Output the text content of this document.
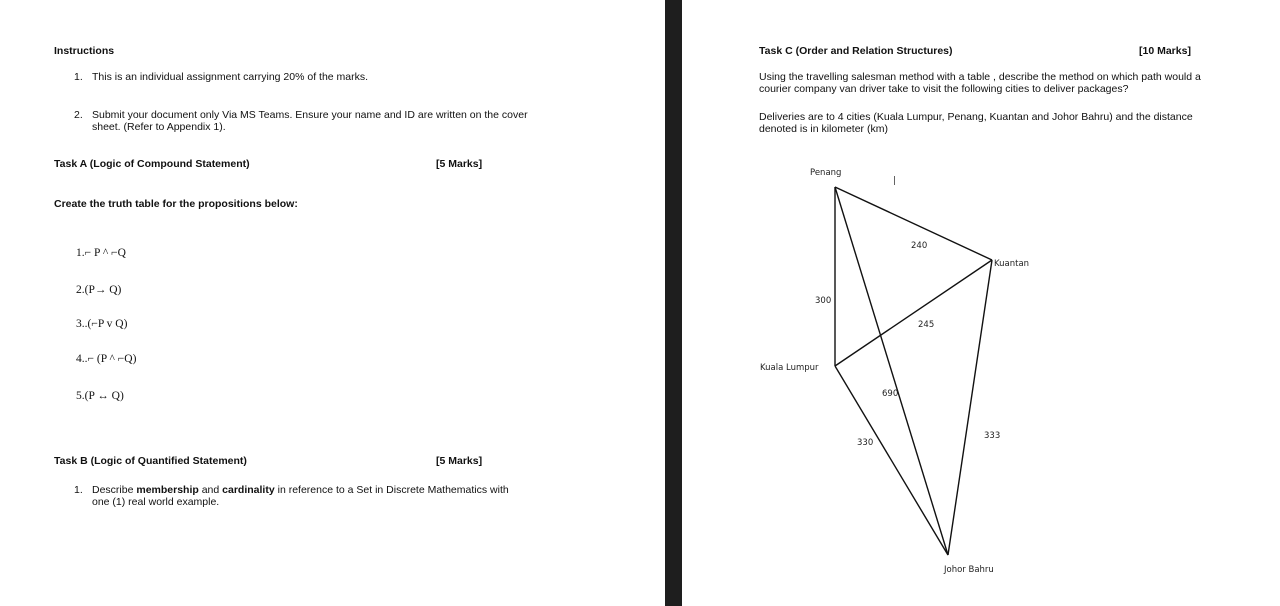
Instructions
1. This is an individual assignment carrying 20% of the marks.
2. Submit your document only Via MS Teams. Ensure your name and ID are written on the cover
sheet. (Refer to Appendix 1).
Task A (Logic of Compound Statement)	[5 Marks]
Create the truth table for the propositions below:
1.⌐ P ^ ⌐Q
2.(P→ Q)
3..(⌐P v Q)
4..⌐ (P ^ ⌐Q)
5.(P ↔ Q)
Task B (Logic of Quantified Statement)	[5 Marks]
1. Describe membership and cardinality in reference to a Set in Discrete Mathematics with
one (1) real world example.
Task C (Order and Relation Structures)	[10 Marks]
Using the travelling salesman method with a table , describe the method on which path would a
courier company van driver take to visit the following cities to deliver packages?
Deliveries are to 4 cities (Kuala Lumpur, Penang, Kuantan and Johor Bahru) and the distance
denoted is in kilometer (km)
Penang
Kuantan
Kuala Lumpur
Johor Bahru
240
300
245
690
330
333
|
